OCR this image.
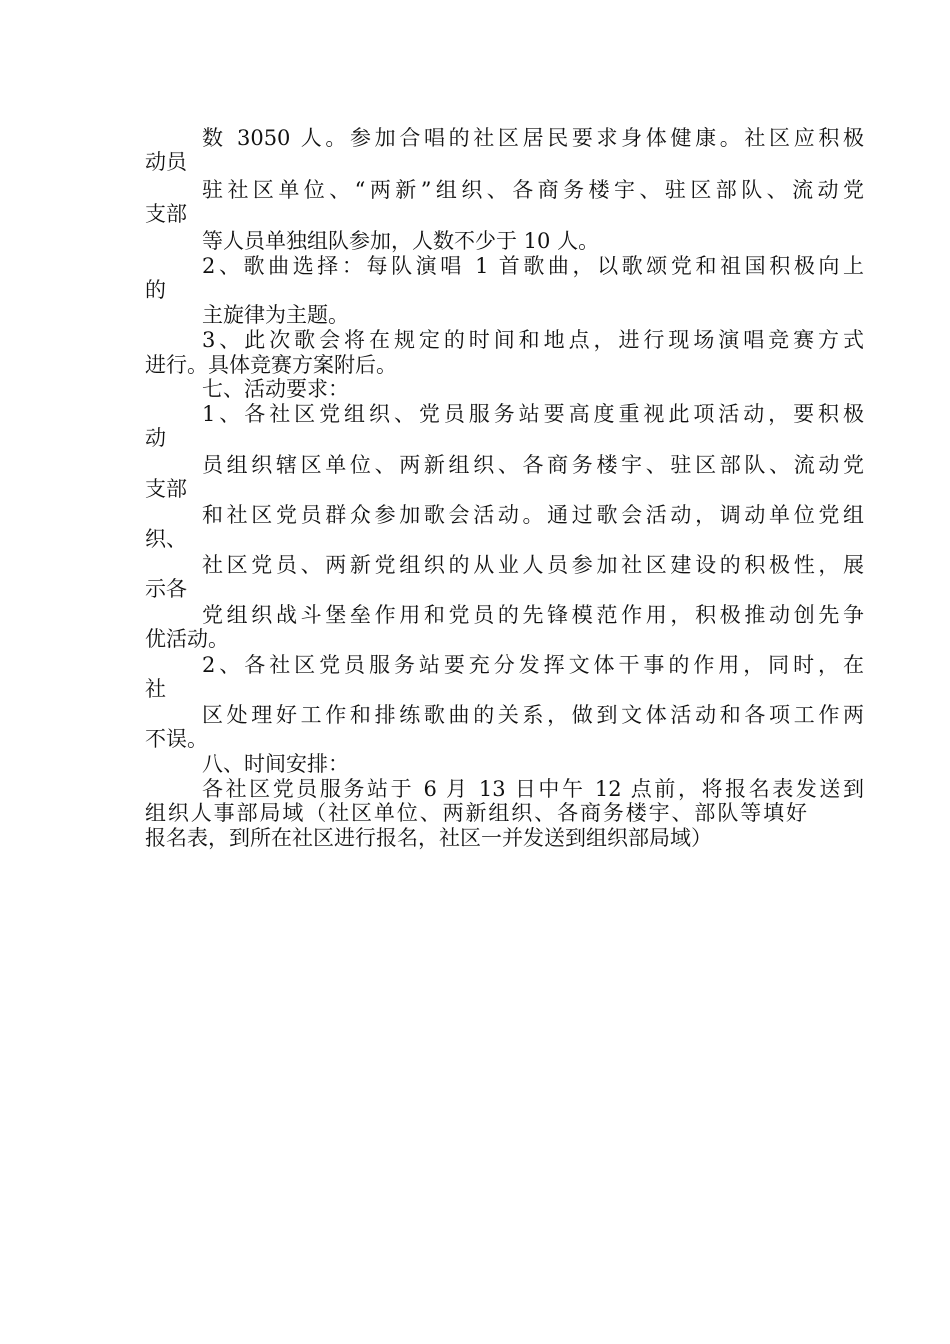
数 3050 人。参加合唱的社区居民要求身体健康。社区应积极
动员
驻社区单位、“两新”组织、各商务楼宇、驻区部队、流动党
支部
等人员单独组队参加，人数不少于 10 人。
2、歌曲选择：每队演唱 1 首歌曲，以歌颂党和祖国积极向上
的
主旋律为主题。
3、此次歌会将在规定的时间和地点，进行现场演唱竞赛方式
进行。具体竞赛方案附后。
七、活动要求：
1、各社区党组织、党员服务站要高度重视此项活动，要积极
动
员组织辖区单位、两新组织、各商务楼宇、驻区部队、流动党
支部
和社区党员群众参加歌会活动。通过歌会活动，调动单位党组
织、
社区党员、两新党组织的从业人员参加社区建设的积极性，展
示各
党组织战斗堡垒作用和党员的先锋模范作用，积极推动创先争
优活动。
2、各社区党员服务站要充分发挥文体干事的作用，同时，在
社
区处理好工作和排练歌曲的关系，做到文体活动和各项工作两
不误。
八、时间安排：
各社区党员服务站于 6 月 13 日中午 12 点前，将报名表发送到
组织人事部局域（社区单位、两新组织、各商务楼宇、部队等填好
报名表，到所在社区进行报名，社区一并发送到组织部局域）
